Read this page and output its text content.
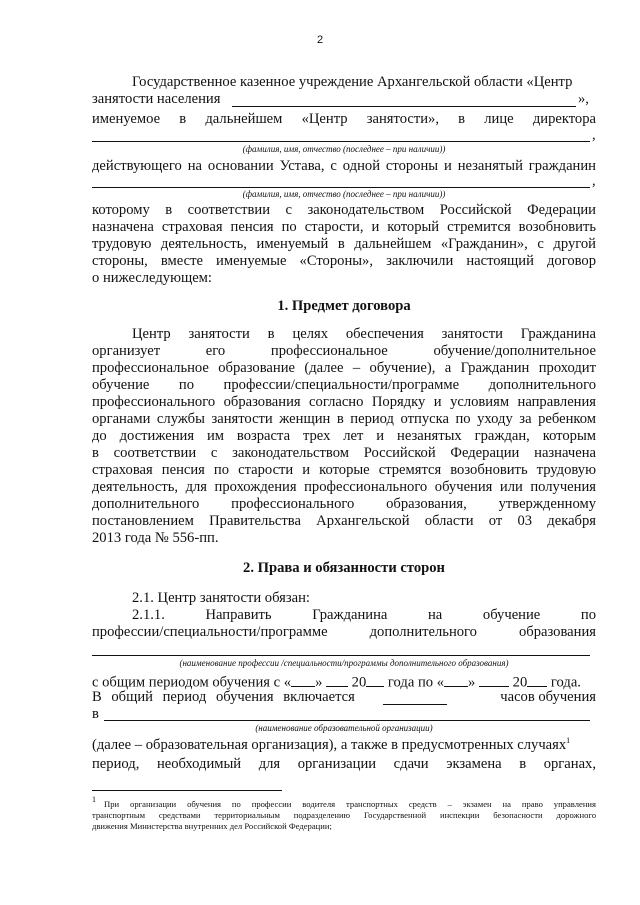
2
Государственное казенное учреждение Архангельской области «Центр
занятости населения	»,
именуемое в дальнейшем «Центр занятости», в лице директора
,
(фамилия, имя, отчество (последнее – при наличии))
действующего на основании Устава, с одной стороны и незанятый гражданин
,
(фамилия, имя, отчество (последнее – при наличии))
которому в соответствии с законодательством Российской Федерации
назначена страховая пенсия по старости, и который стремится возобновить
трудовую деятельность, именуемый в дальнейшем «Гражданин», с другой
стороны, вместе именуемые «Стороны», заключили настоящий договор
о нижеследующем:
1. Предмет договора
Центр занятости в целях обеспечения занятости Гражданина
организует его профессиональное обучение/дополнительное
профессиональное образование (далее – обучение), а Гражданин проходит
обучение по профессии/специальности/программе дополнительного
профессионального образования согласно Порядку и условиям направления
органами службы занятости женщин в период отпуска по уходу за ребенком
до достижения им возраста трех лет и незанятых граждан, которым
в соответствии с законодательством Российской Федерации назначена
страховая пенсия по старости и которые стремятся возобновить трудовую
деятельность, для прохождения профессионального обучения или получения
дополнительного профессионального образования, утвержденному
постановлением Правительства Архангельской области от 03 декабря
2013 года № 556-пп.
2. Права и обязанности сторон
2.1. Центр занятости обязан:
2.1.1. Направить Гражданина на обучение по
профессии/специальности/программе дополнительного образования
(наименование профессии /специальности/программы дополнительного образования)
с общим периодом обучения с « » 20 года по « »	20 года.
В общий период обучения включается	часов обучения
в
(наименование образовательной организации)
(далее – образовательная организация), а также в предусмотренных случаях$^1$
период, необходимый для организации сдачи экзамена в органах,
$^1$ При организации обучения по профессии водителя транспортных средств – экзамен на право управления
транспортным средствами территориальным подразделению Государственной инспекции безопасности дорожного
движения Министерства внутренних дел Российской Федерации;
